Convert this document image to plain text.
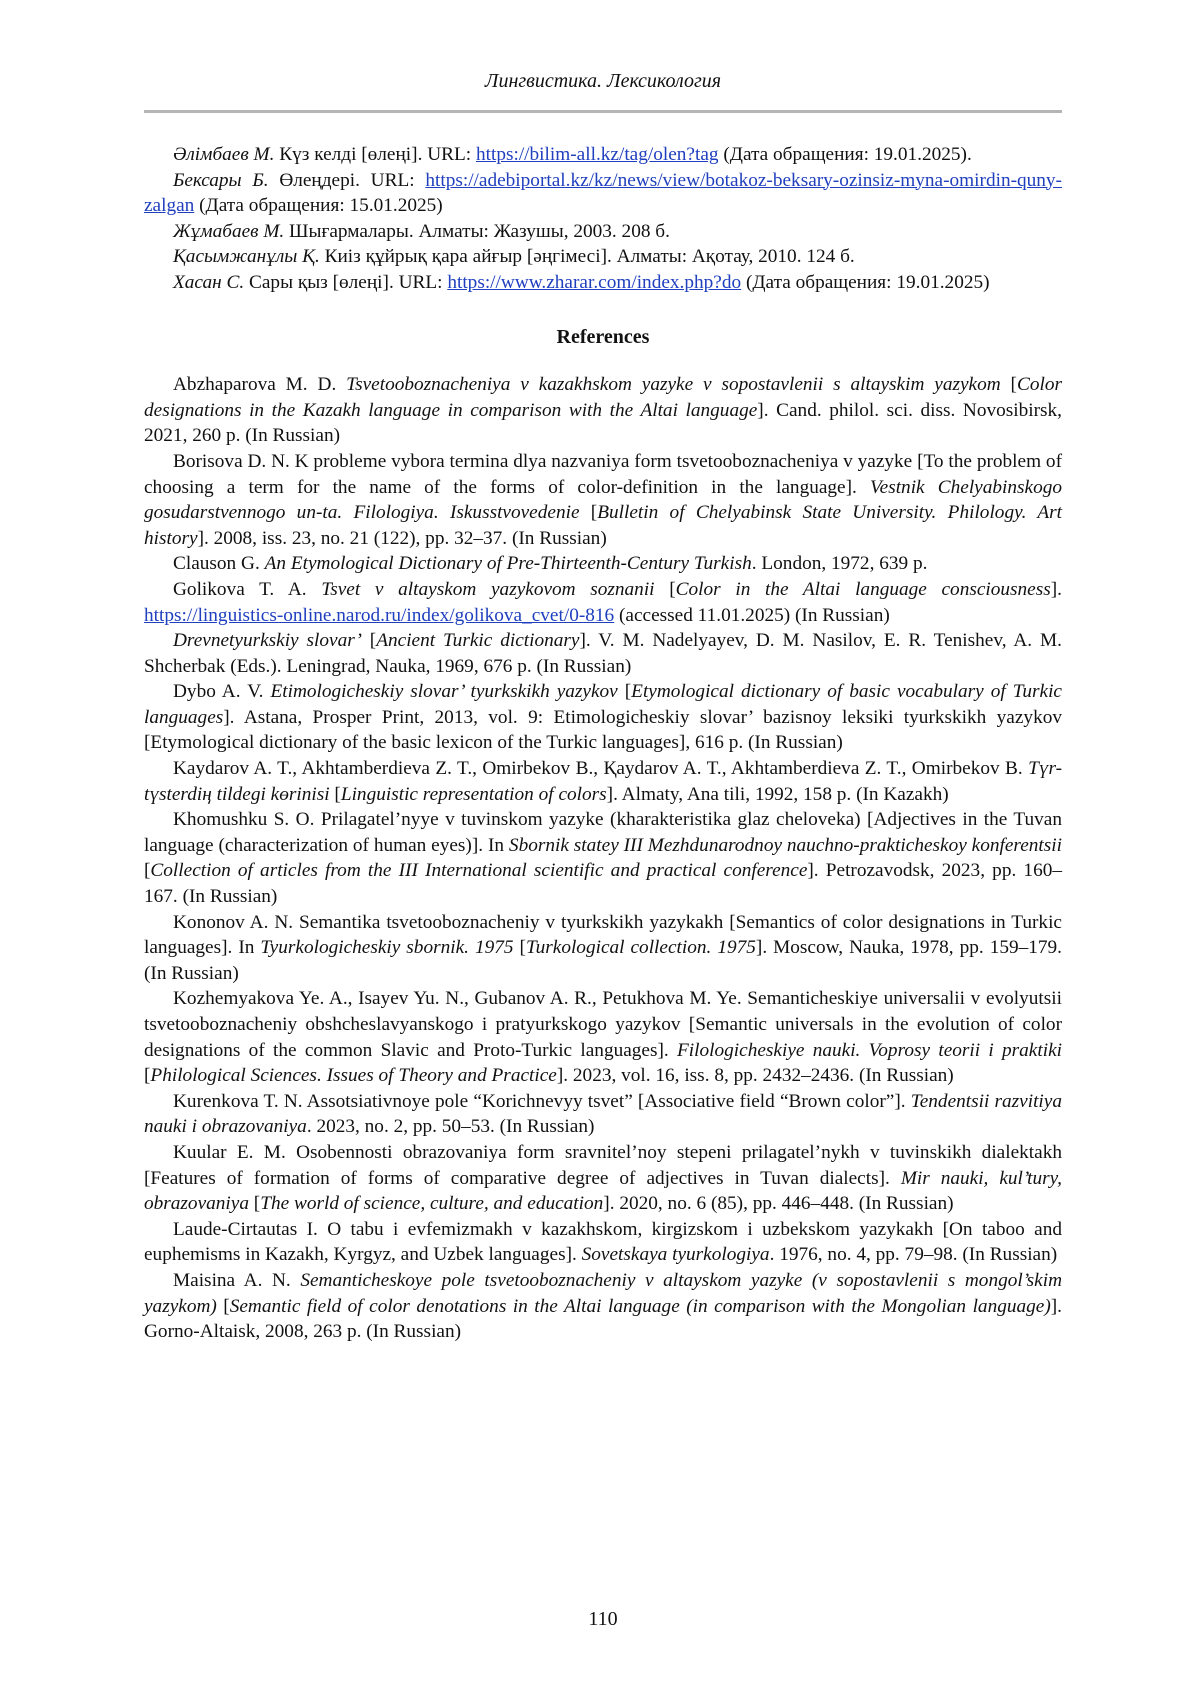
Лингвистика. Лексикология

Әлімбаев М. Күз келді [өлеңі]. URL: https://bilim-all.kz/tag/olen?tag (Дата обращения: 19.01.2025).

Бексары Б. Өлеңдері. URL: https://adebiportal.kz/kz/news/view/botakoz-beksary-ozinsiz-myna-omirdin-quny-zalgan (Дата обращения: 15.01.2025)

Жұмабаев М. Шығармалары. Алматы: Жазушы, 2003. 208 б.

Қасымжанұлы Қ. Киіз құйрық қара айғыр [әңгімесі]. Алматы: Ақотау, 2010. 124 б.

Хасан С. Сары қыз [өлеңі]. URL: https://www.zharar.com/index.php?do (Дата обращения: 19.01.2025)

References

Abzhaparova M. D. Tsvetooboznacheniya v kazakhskom yazyke v sopostavlenii s altayskim yazykom [Color designations in the Kazakh language in comparison with the Altai language]. Cand. philol. sci. diss. Novosibirsk, 2021, 260 p. (In Russian)

Borisova D. N. K probleme vybora termina dlya nazvaniya form tsvetooboznacheniya v yazyke [To the problem of choosing a term for the name of the forms of color-definition in the language]. Vestnik Chelyabinskogo gosudarstvennogo un-ta. Filologiya. Iskusstvovedenie [Bulletin of Chelyabinsk State University. Philology. Art history]. 2008, iss. 23, no. 21 (122), pp. 32–37. (In Russian)

Clauson G. An Etymological Dictionary of Pre-Thirteenth-Century Turkish. London, 1972, 639 p.

Golikova T. A. Tsvet v altayskom yazykovom soznanii [Color in the Altai language consciousness]. https://linguistics-online.narod.ru/index/golikova_cvet/0-816 (accessed 11.01.2025) (In Russian)

Drevnetyurkskiy slovar’ [Ancient Turkic dictionary]. V. M. Nadelyayev, D. M. Nasilov, E. R. Tenishev, A. M. Shcherbak (Eds.). Leningrad, Nauka, 1969, 676 p. (In Russian)

Dybo A. V. Etimologicheskiy slovar’ tyurkskikh yazykov [Etymological dictionary of basic vocabulary of Turkic languages]. Astana, Prosper Print, 2013, vol. 9: Etimologicheskiy slovar’ bazisnoy leksiki tyurkskikh yazykov [Etymological dictionary of the basic lexicon of the Turkic languages], 616 p. (In Russian)

Kaydarov A. T., Akhtamberdieva Z. T., Omirbekov B., Қaydarov A. T., Akhtamberdieva Z. T., Omirbekov B. Tүr-tүsterdiң tildegi kөrinisi [Linguistic representation of colors]. Almaty, Ana tili, 1992, 158 p. (In Kazakh)

Khomushku S. O. Prilagatel’nyye v tuvinskom yazyke (kharakteristika glaz cheloveka) [Adjectives in the Tuvan language (characterization of human eyes)]. In Sbornik statey III Mezhdunarodnoy nauchno-prakticheskoy konferentsii [Collection of articles from the III International scientific and practical conference]. Petrozavodsk, 2023, pp. 160–167. (In Russian)

Kononov A. N. Semantika tsvetooboznacheniy v tyurkskikh yazykakh [Semantics of color designations in Turkic languages]. In Tyurkologicheskiy sbornik. 1975 [Turkological collection. 1975]. Moscow, Nauka, 1978, pp. 159–179. (In Russian)

Kozhemyakova Ye. A., Isayev Yu. N., Gubanov A. R., Petukhova M. Ye. Semanticheskiye universalii v evolyutsii tsvetooboznacheniy obshcheslavyanskogo i pratyurkskogo yazykov [Semantic universals in the evolution of color designations of the common Slavic and Proto-Turkic languages]. Filologicheskiye nauki. Voprosy teorii i praktiki [Philological Sciences. Issues of Theory and Practice]. 2023, vol. 16, iss. 8, pp. 2432–2436. (In Russian)

Kurenkova T. N. Assotsiativnoye pole “Korichnevyy tsvet” [Associative field “Brown color”]. Tendentsii razvitiya nauki i obrazovaniya. 2023, no. 2, pp. 50–53. (In Russian)

Kuular E. M. Osobennosti obrazovaniya form sravnitel’noy stepeni prilagatel’nykh v tuvinskikh dialektakh [Features of formation of forms of comparative degree of adjectives in Tuvan dialects]. Mir nauki, kul’tury, obrazovaniya [The world of science, culture, and education]. 2020, no. 6 (85), pp. 446–448. (In Russian)

Laude-Cirtautas I. O tabu i evfemizmakh v kazakhskom, kirgizskom i uzbekskom yazykakh [On taboo and euphemisms in Kazakh, Kyrgyz, and Uzbek languages]. Sovetskaya tyurkologiya. 1976, no. 4, pp. 79–98. (In Russian)

Maisina A. N. Semanticheskoye pole tsvetooboznacheniy v altayskom yazyke (v sopostavlenii s mongol’skim yazykom) [Semantic field of color denotations in the Altai language (in comparison with the Mongolian language)]. Gorno-Altaisk, 2008, 263 p. (In Russian)

110
